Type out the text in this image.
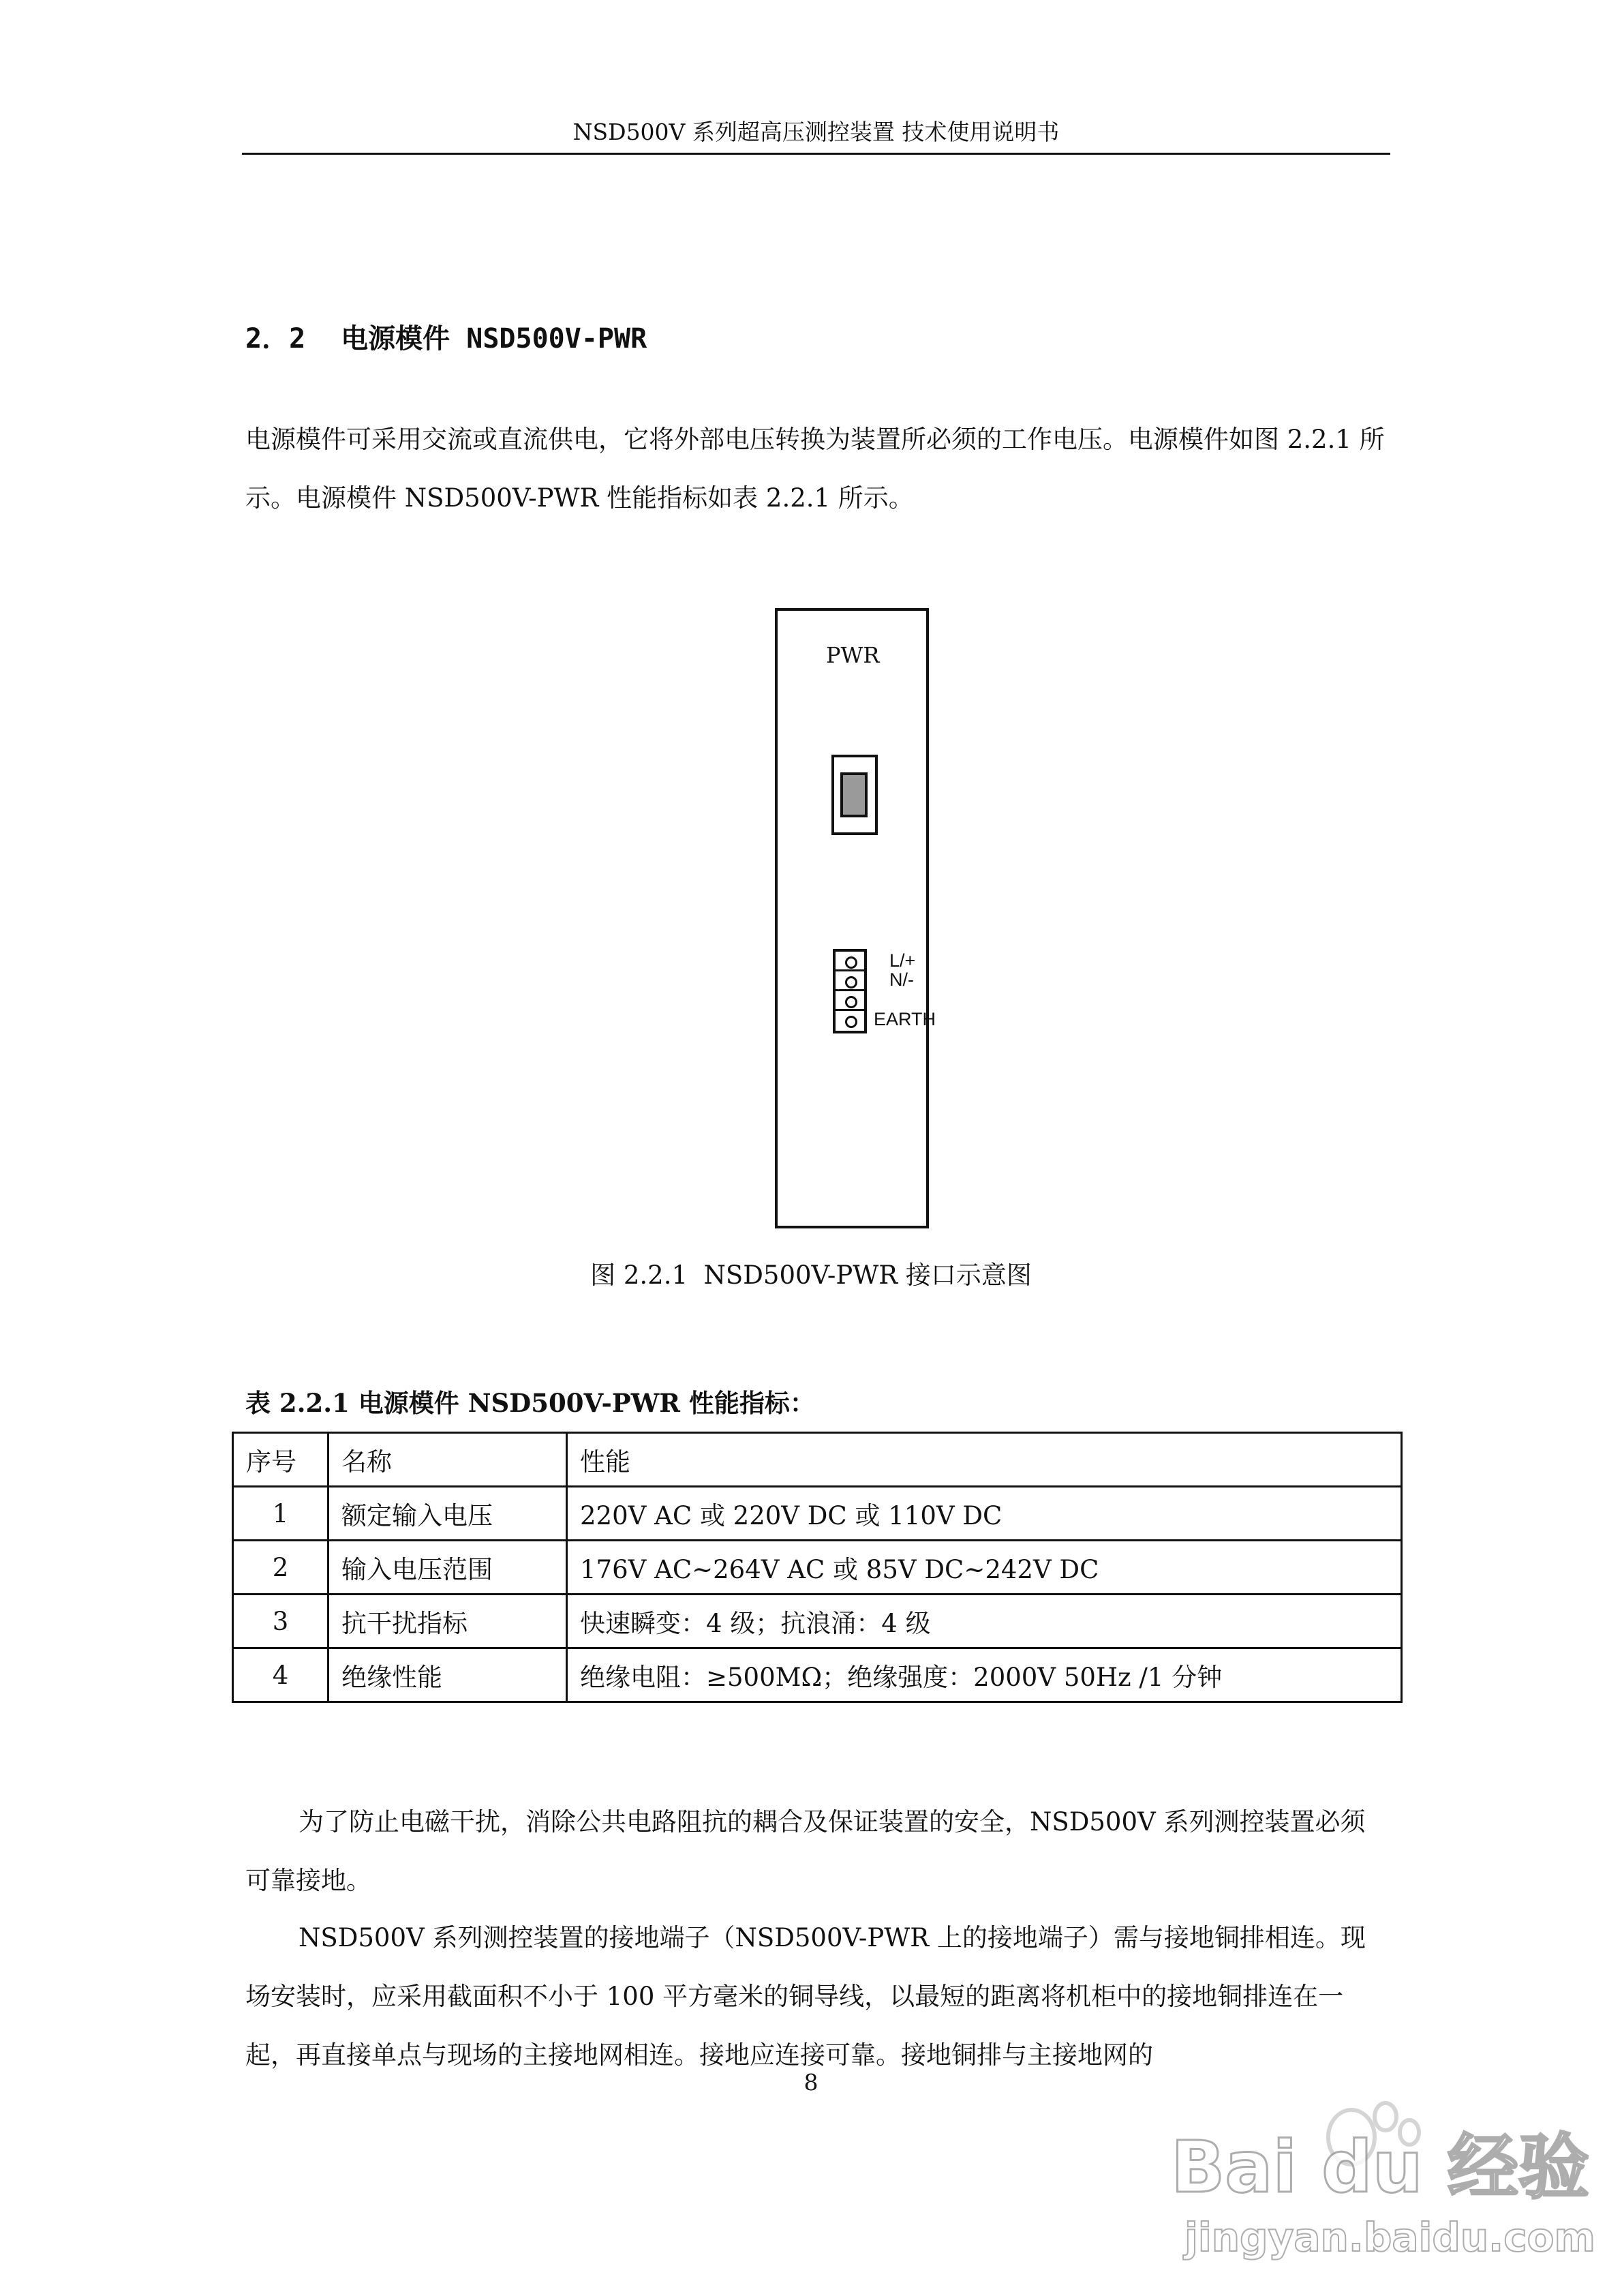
NSD500V 系列超高压测控装置 技术使用说明书
2．2 电源模件 NSD500V-PWR
电源模件可采用交流或直流供电，它将外部电压转换为装置所必须的工作电压。电源模件如图 2.2.1 所示。电源模件 NSD500V-PWR 性能指标如表 2.2.1 所示。
PWR
L/+
N/-
EARTH
图 2.2.1  NSD500V-PWR 接口示意图
表 2.2.1 电源模件 NSD500V-PWR 性能指标：
序号	名称	性能
1	额定输入电压	220V AC 或 220V DC 或 110V DC
2	输入电压范围	176V AC~264V AC 或 85V DC~242V DC
3	抗干扰指标	快速瞬变：4 级；抗浪涌：4 级
4	绝缘性能	绝缘电阻：≥500MΩ；绝缘强度：2000V 50Hz /1 分钟
为了防止电磁干扰，消除公共电路阻抗的耦合及保证装置的安全，NSD500V 系列测控装置必须可靠接地。
NSD500V 系列测控装置的接地端子（NSD500V-PWR 上的接地端子）需与接地铜排相连。现场安装时，应采用截面积不小于 100 平方毫米的铜导线，以最短的距离将机柜中的接地铜排连在一起，再直接单点与现场的主接地网相连。接地应连接可靠。接地铜排与主接地网的
8
Bai du 经验
jingyan.baidu.com
